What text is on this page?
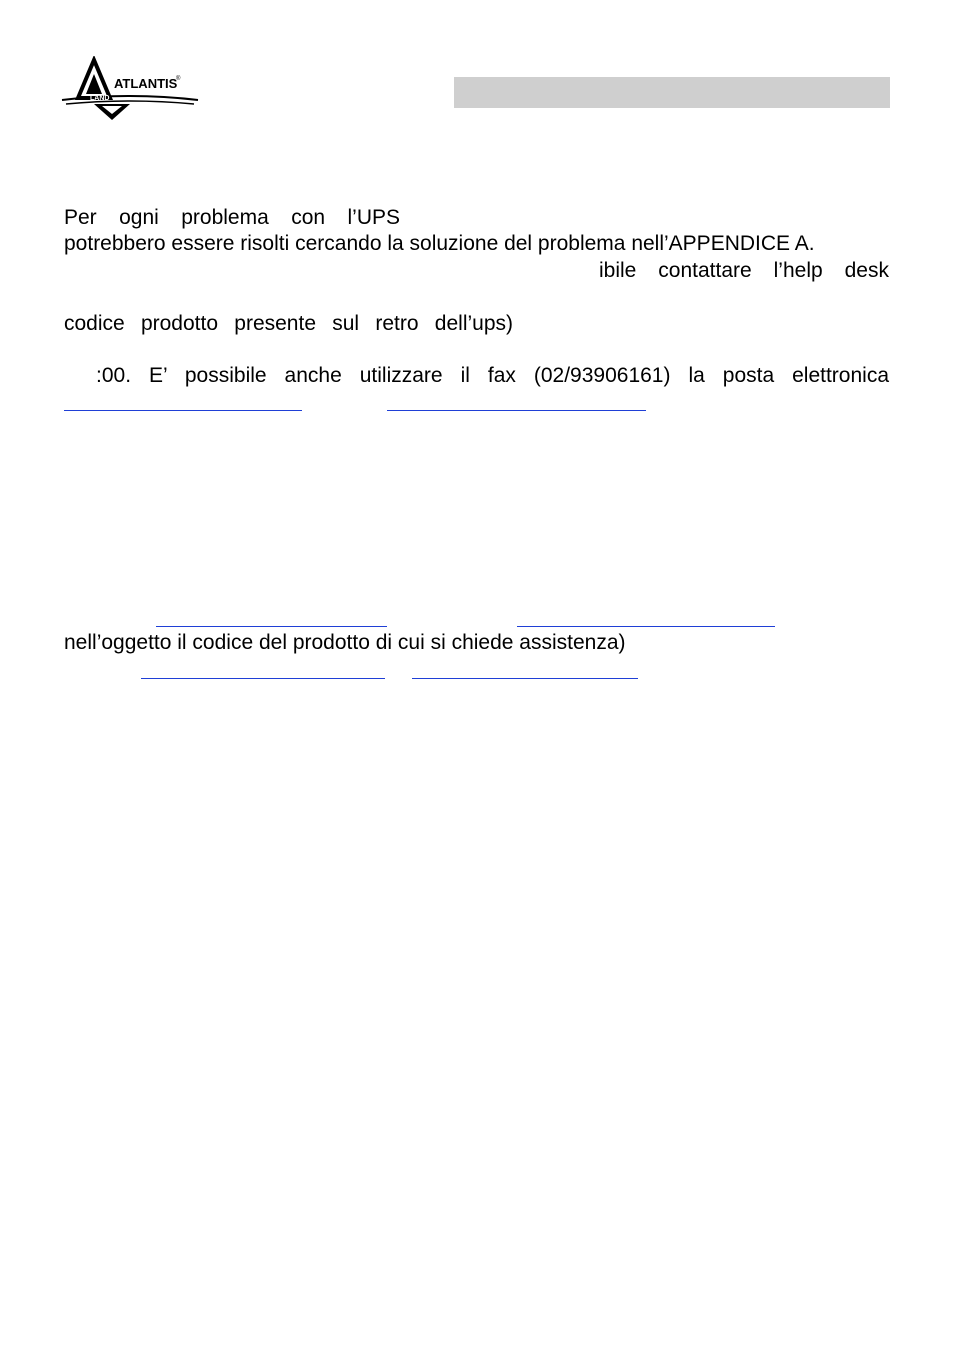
ATLANTIS
®
LAND
Per ogni problema con l’UPS
potrebbero essere risolti cercando la soluzione del problema nell’APPENDICE A.
ibile contattare l’help desk
codice prodotto presente sul retro dell’ups)
:00. E’ possibile anche utilizzare il fax (02/93906161) la posta elettronica
nell’oggetto il codice del prodotto di cui si chiede assistenza)
